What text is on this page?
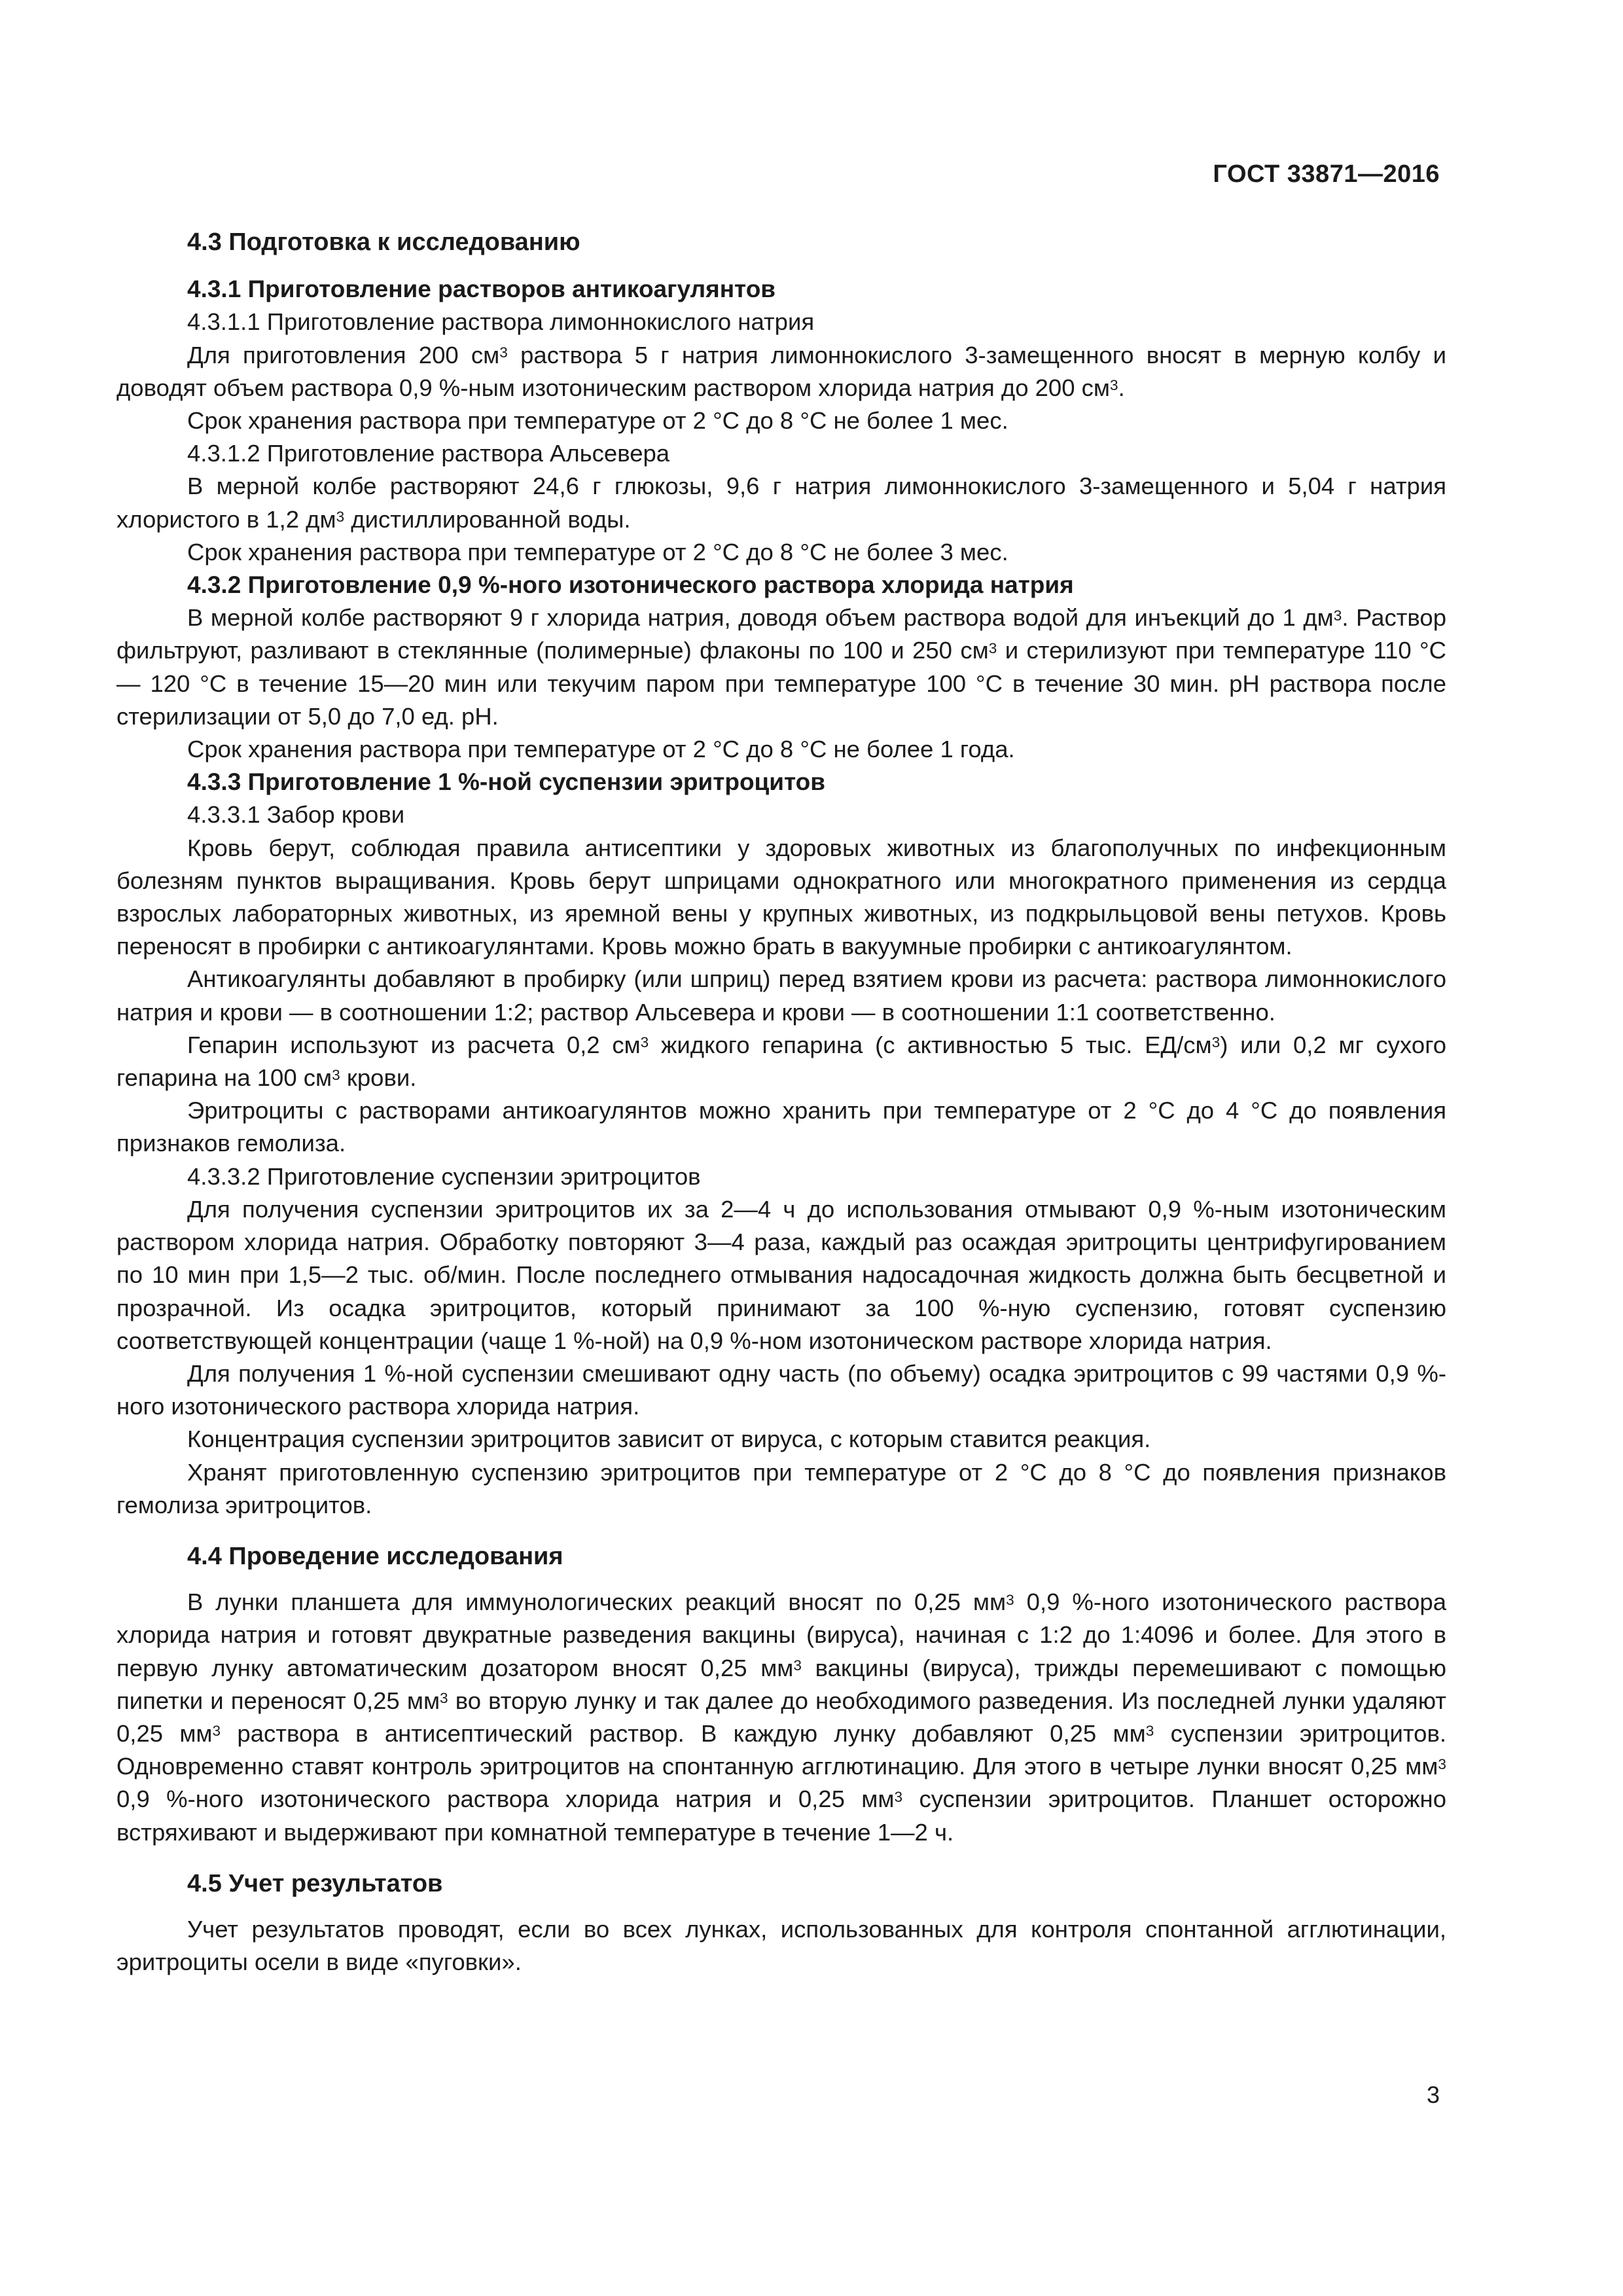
ГОСТ 33871—2016
4.3 Подготовка к исследованию
4.3.1 Приготовление растворов антикоагулянтов

4.3.1.1 Приготовление раствора лимоннокислого натрия

Для приготовления 200 $см^3$ раствора 5 г натрия лимоннокислого 3-замещенного вносят в мерную колбу и доводят объем раствора 0,9 %-ным изотоническим раствором хлорида натрия до 200 $см^3$.

Срок хранения раствора при температуре от 2 °С до 8 °С не более 1 мес.

4.3.1.2 Приготовление раствора Альсевера

В мерной колбе растворяют 24,6 г глюкозы, 9,6 г натрия лимоннокислого 3-замещенного и 5,04 г натрия хлористого в 1,2 $дм^3$ дистиллированной воды.

Срок хранения раствора при температуре от 2 °С до 8 °С не более 3 мес.

4.3.2 Приготовление 0,9 %-ного изотонического раствора хлорида натрия

В мерной колбе растворяют 9 г хлорида натрия, доводя объем раствора водой для инъекций до 1 $дм^3$. Раствор фильтруют, разливают в стеклянные (полимерные) флаконы по 100 и 250 $см^3$ и стерилизуют при температуре 110 °С — 120 °С в течение 15—20 мин или текучим паром при температуре 100 °С в течение 30 мин. рН раствора после стерилизации от 5,0 до 7,0 ед. рН.

Срок хранения раствора при температуре от 2 °С до 8 °С не более 1 года.

4.3.3 Приготовление 1 %-ной суспензии эритроцитов

4.3.3.1 Забор крови

Кровь берут, соблюдая правила антисептики у здоровых животных из благополучных по инфекционным болезням пунктов выращивания. Кровь берут шприцами однократного или многократного применения из сердца взрослых лабораторных животных, из яремной вены у крупных животных, из подкрыльцовой вены петухов. Кровь переносят в пробирки с антикоагулянтами. Кровь можно брать в вакуумные пробирки с антикоагулянтом.

Антикоагулянты добавляют в пробирку (или шприц) перед взятием крови из расчета: раствора лимоннокислого натрия и крови — в соотношении 1:2; раствор Альсевера и крови — в соотношении 1:1 соответственно.

Гепарин используют из расчета 0,2 $см^3$ жидкого гепарина (с активностью 5 тыс. $ЕД/см^3$) или 0,2 мг сухого гепарина на 100 $см^3$ крови.

Эритроциты с растворами антикоагулянтов можно хранить при температуре от 2 °С до 4 °С до появления признаков гемолиза.

4.3.3.2 Приготовление суспензии эритроцитов

Для получения суспензии эритроцитов их за 2—4 ч до использования отмывают 0,9 %-ным изотоническим раствором хлорида натрия. Обработку повторяют 3—4 раза, каждый раз осаждая эритроциты центрифугированием по 10 мин при 1,5—2 тыс. об/мин. После последнего отмывания надосадочная жидкость должна быть бесцветной и прозрачной. Из осадка эритроцитов, который принимают за 100 %-ную суспензию, готовят суспензию соответствующей концентрации (чаще 1 %-ной) на 0,9 %-ном изотоническом растворе хлорида натрия.

Для получения 1 %-ной суспензии смешивают одну часть (по объему) осадка эритроцитов с 99 частями 0,9 %-ного изотонического раствора хлорида натрия.

Концентрация суспензии эритроцитов зависит от вируса, с которым ставится реакция.

Хранят приготовленную суспензию эритроцитов при температуре от 2 °С до 8 °С до появления признаков гемолиза эритроцитов.

4.4 Проведение исследования

В лунки планшета для иммунологических реакций вносят по 0,25 $мм^3$ 0,9 %-ного изотонического раствора хлорида натрия и готовят двукратные разведения вакцины (вируса), начиная с 1:2 до 1:4096 и более. Для этого в первую лунку автоматическим дозатором вносят 0,25 $мм^3$ вакцины (вируса), трижды перемешивают с помощью пипетки и переносят 0,25 $мм^3$ во вторую лунку и так далее до необходимого разведения. Из последней лунки удаляют 0,25 $мм^3$ раствора в антисептический раствор. В каждую лунку добавляют 0,25 $мм^3$ суспензии эритроцитов. Одновременно ставят контроль эритроцитов на спонтанную агглютинацию. Для этого в четыре лунки вносят 0,25 $мм^3$ 0,9 %-ного изотонического раствора хлорида натрия и 0,25 $мм^3$ суспензии эритроцитов. Планшет осторожно встряхивают и выдерживают при комнатной температуре в течение 1—2 ч.

4.5 Учет результатов

Учет результатов проводят, если во всех лунках, использованных для контроля спонтанной агглютинации, эритроциты осели в виде «пуговки».

3
